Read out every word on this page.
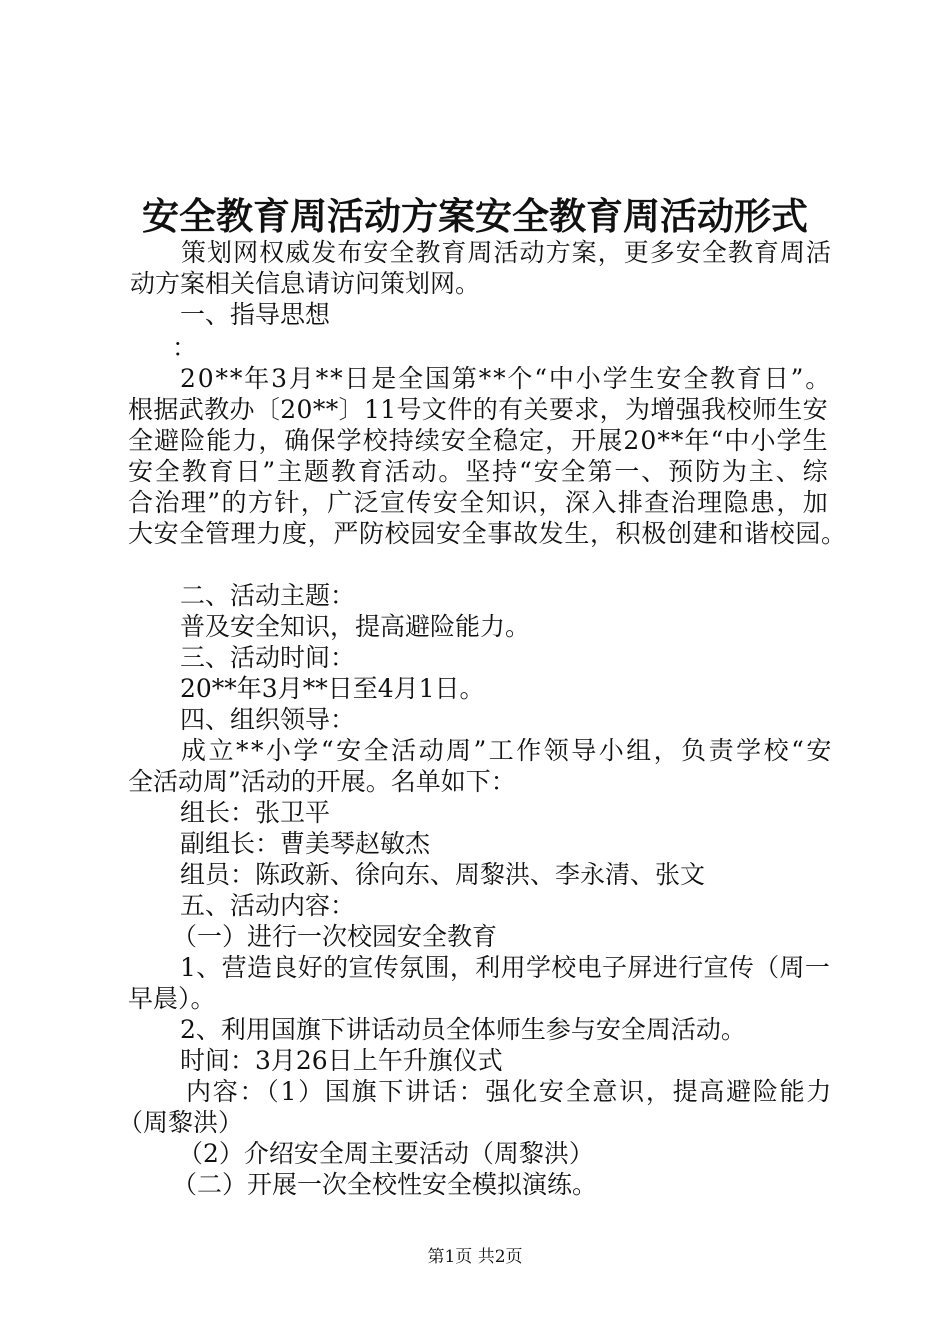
安全教育周活动方案安全教育周活动形式
策划网权威发布安全教育周活动方案，更多安全教育周活
动方案相关信息请访问策划网。
一、指导思想
：
20**年3月**日是全国第**个“中小学生安全教育日”。
根据武教办〔20**〕11号文件的有关要求，为增强我校师生安
全避险能力，确保学校持续安全稳定，开展20**年“中小学生
安全教育日”主题教育活动。坚持“安全第一、预防为主、综
合治理”的方针，广泛宣传安全知识，深入排查治理隐患，加
大安全管理力度，严防校园安全事故发生，积极创建和谐校园。
二、活动主题：
普及安全知识，提高避险能力。
三、活动时间：
20**年3月**日至4月1日。
四、组织领导：
成立**小学“安全活动周”工作领导小组，负责学校“安
全活动周”活动的开展。名单如下：
组长：张卫平
副组长：曹美琴赵敏杰
组员：陈政新、徐向东、周黎洪、李永清、张文
五、活动内容：
（一）进行一次校园安全教育
1、营造良好的宣传氛围，利用学校电子屏进行宣传（周一
早晨）。
2、利用国旗下讲话动员全体师生参与安全周活动。
时间：3月26日上午升旗仪式
内容：（1）国旗下讲话：强化安全意识，提高避险能力
（周黎洪）
（2）介绍安全周主要活动（周黎洪）
（二）开展一次全校性安全模拟演练。
第1页 共2页
